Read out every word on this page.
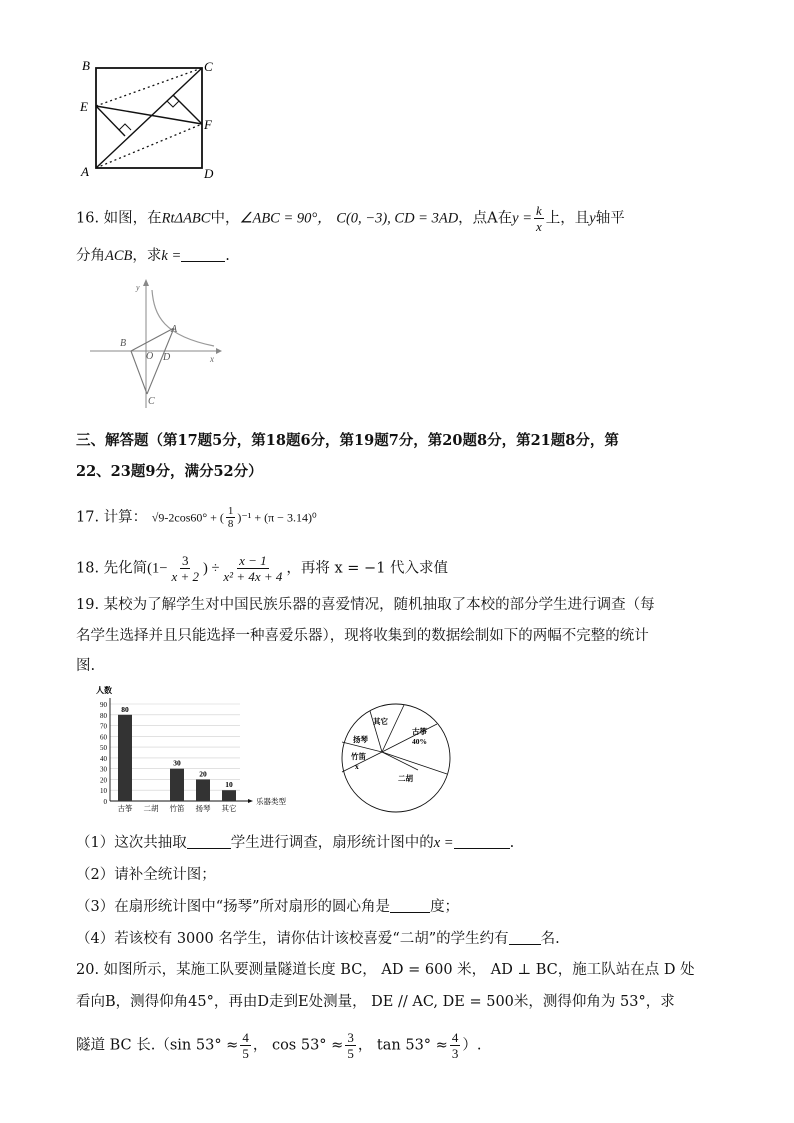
B	C
E
F
A	D
16. 如图，在RtΔABC中，∠ABC = 90°， C(0, −3), CD = 3AD，点A在$y = \frac{k}{x}$ 上，且y轴平
分角ACB，求k =	.
y
x
B
O D
A
C
三、解答题（第17题5分，第18题6分，第19题7分，第20题8分，第21题8分，第
22、23题9分，满分52分）
17. 计算： √9-2cos60° + ( $\frac{1}{8} )^{-1} + (\pi - 3.14)^0$
18. 先化简($1- \frac{3}{x + 2}$ ) ÷ $\frac{x - 1}{\text{x² + 4x + 4}}$ ，再将 x = −1 代入求值
19. 某校为了解学生对中国民族乐器的喜爱情况，随机抽取了本校的部分学生进行调查（每
名学生选择并且只能选择一种喜爱乐器），现将收集到的数据绘制如下的两幅不完整的统计
图.
人数
0
10
20
30
40
50
60
70
80
90 80
古筝 二胡
30
竹笛
20
扬琴
10
其它
乐器类型
古筝
40%
其它
扬琴
竹笛
x
二胡
（1）这次共抽取	学生进行调查，扇形统计图中的x =	.
（2）请补全统计图；
（3）在扇形统计图中“扬琴”所对扇形的圆心角是	度；
（4）若该校有 3000 名学生，请你估计该校喜爱“二胡”的学生约有 名.
20. 如图所示，某施工队要测量隧道长度 BC， AD = 600 米， AD ⊥ BC，施工队站在点 D 处
看向B，测得仰角45°，再由D走到E处测量， DE // AC, DE = 500米，测得仰角为 53°，求
隧道 BC 长.（sin $53^\circ \approx \frac{4}{5}$ ， $\cos 53^\circ \approx \frac{3}{5}$ ， $\tan 53^\circ \approx \frac{4}{3}$ ）.
